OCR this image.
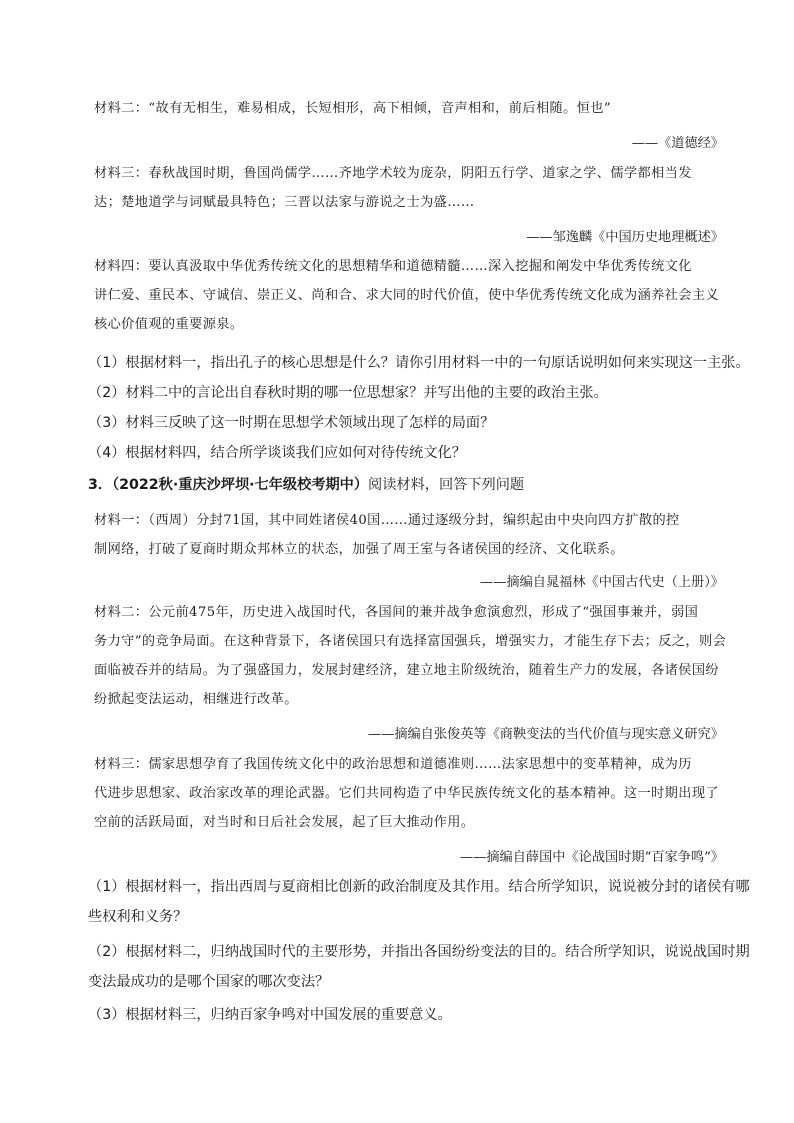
材料二：“故有无相生，难易相成，长短相形，高下相倾，音声相和，前后相随。恒也”
——《道德经》
材料三：春秋战国时期，鲁国尚儒学……齐地学术较为庞杂，阴阳五行学、道家之学、儒学都相当发
达；楚地道学与词赋最具特色；三晋以法家与游说之士为盛……
——邹逸麟《中国历史地理概述》
材料四：要认真汲取中华优秀传统文化的思想精华和道德精髓……深入挖掘和阐发中华优秀传统文化
讲仁爱、重民本、守诚信、崇正义、尚和合、求大同的时代价值，使中华优秀传统文化成为涵养社会主义
核心价值观的重要源泉。
（1）根据材料一，指出孔子的核心思想是什么？请你引用材料一中的一句原话说明如何来实现这一主张。
（2）材料二中的言论出自春秋时期的哪一位思想家？并写出他的主要的政治主张。
（3）材料三反映了这一时期在思想学术领域出现了怎样的局面？
（4）根据材料四，结合所学谈谈我们应如何对待传统文化？
3．（2022秋·重庆沙坪坝·七年级校考期中）阅读材料，回答下列问题
材料一：（西周）分封71国，其中同姓诸侯40国……通过逐级分封，编织起由中央向四方扩散的控
制网络，打破了夏商时期众邦林立的状态，加强了周王室与各诸侯国的经济、文化联系。
——摘编自晁福林《中国古代史（上册）》
材料二：公元前475年，历史进入战国时代，各国间的兼并战争愈演愈烈，形成了“强国事兼并，弱国
务力守”的竞争局面。在这种背景下，各诸侯国只有选择富国强兵，增强实力，才能生存下去；反之，则会
面临被吞并的结局。为了强盛国力，发展封建经济，建立地主阶级统治，随着生产力的发展，各诸侯国纷
纷掀起变法运动，相继进行改革。
——摘编自张俊英等《商鞅变法的当代价值与现实意义研究》
材料三：儒家思想孕育了我国传统文化中的政治思想和道德准则……法家思想中的变革精神，成为历
代进步思想家、政治家改革的理论武器。它们共同构造了中华民族传统文化的基本精神。这一时期出现了
空前的活跃局面，对当时和日后社会发展，起了巨大推动作用。
——摘编自薛国中《论战国时期“百家争鸣”》
（1）根据材料一，指出西周与夏商相比创新的政治制度及其作用。结合所学知识，说说被分封的诸侯有哪
些权利和义务？
（2）根据材料二，归纳战国时代的主要形势，并指出各国纷纷变法的目的。结合所学知识，说说战国时期
变法最成功的是哪个国家的哪次变法？
（3）根据材料三，归纳百家争鸣对中国发展的重要意义。
